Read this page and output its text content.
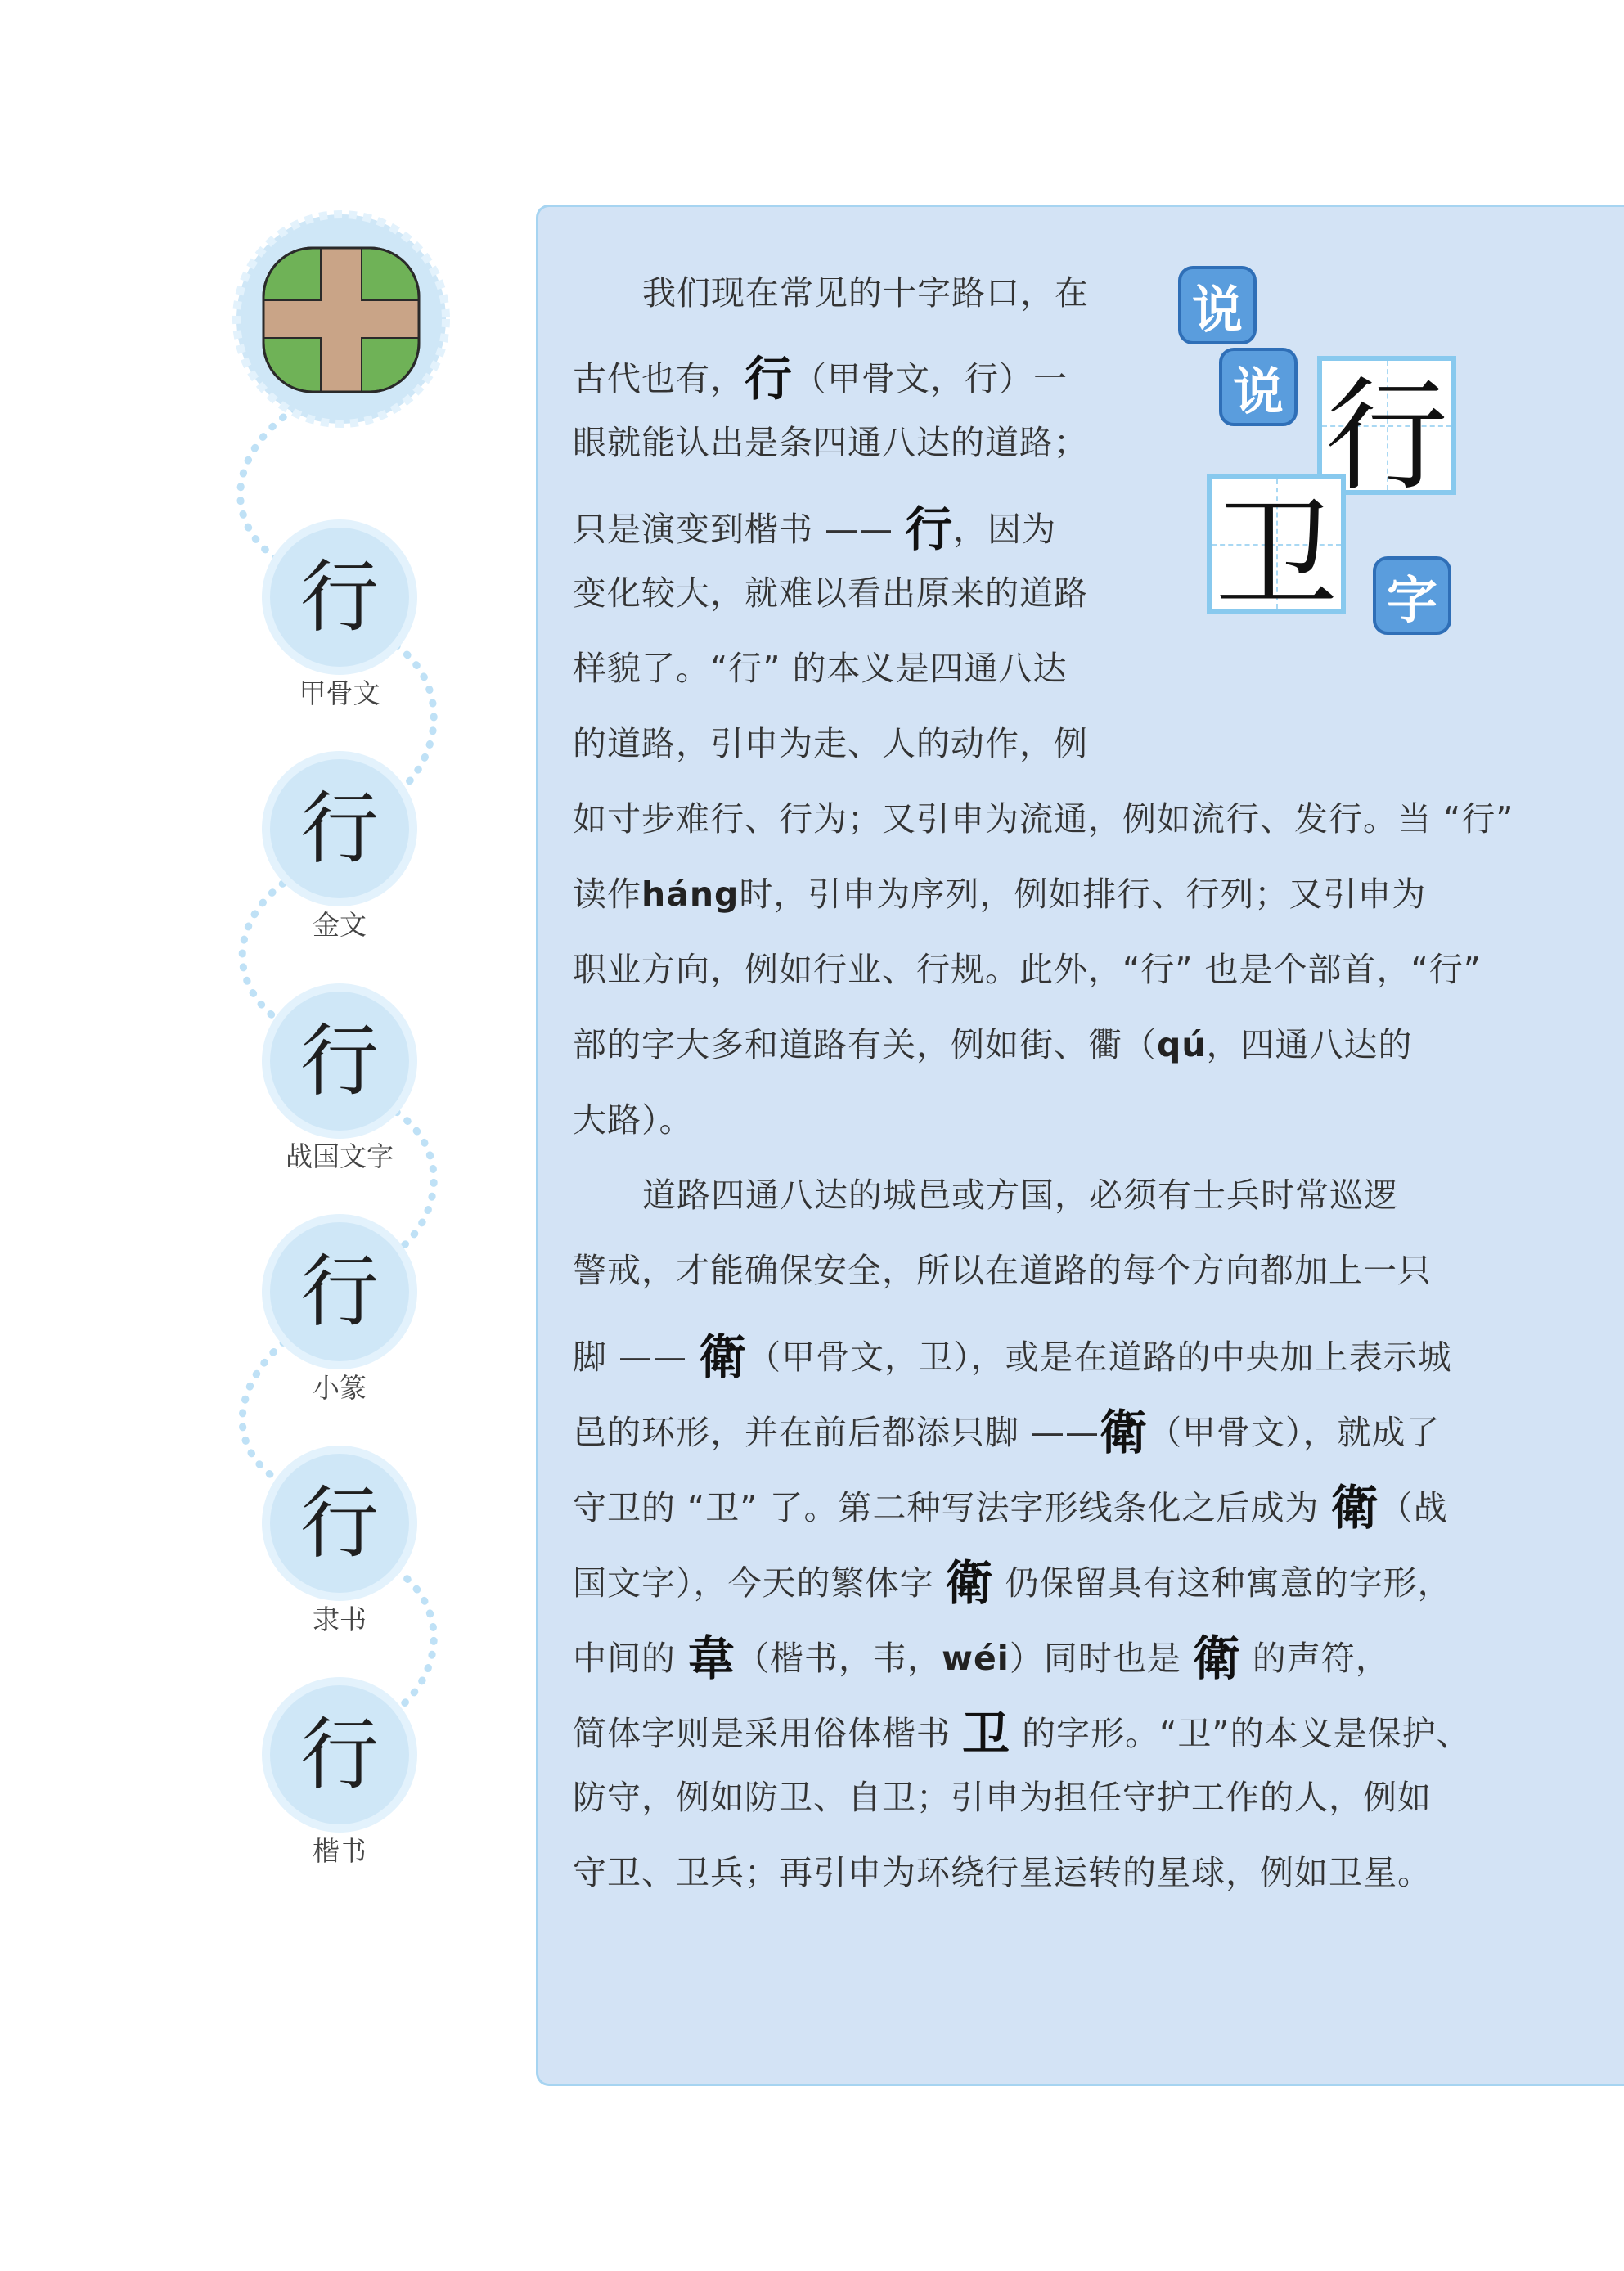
行
甲骨文
行
金文
行
战国文字
行
小篆
行
隶书
行
楷书
说
说 行
卫 字
我们现在常见的十字路口，在
古代也有，行（甲骨文，行）一
眼就能认出是条四通八达的道路；
只是演变到楷书 —— 行，因为
变化较大，就难以看出原来的道路
样貌了。“行” 的本义是四通八达
的道路，引申为走、人的动作，例
如寸步难行、行为；又引申为流通，例如流行、发行。当 “行”
读作háng时，引申为序列，例如排行、行列；又引申为
职业方向，例如行业、行规。此外，“行” 也是个部首，“行”
部的字大多和道路有关，例如街、衢（qú，四通八达的
大路）。
道路四通八达的城邑或方国，必须有士兵时常巡逻
警戒，才能确保安全，所以在道路的每个方向都加上一只
脚 —— 衛（甲骨文，卫），或是在道路的中央加上表示城
邑的环形，并在前后都添只脚 ——衛（甲骨文），就成了
守卫的 “卫” 了。第二种写法字形线条化之后成为 衛（战
国文字），今天的繁体字 衛 仍保留具有这种寓意的字形，
中间的 韋（楷书，韦，wéi）同时也是 衛 的声符，
简体字则是采用俗体楷书 卫 的字形。“卫”的本义是保护、
防守，例如防卫、自卫；引申为担任守护工作的人，例如
守卫、卫兵；再引申为环绕行星运转的星球，例如卫星。
